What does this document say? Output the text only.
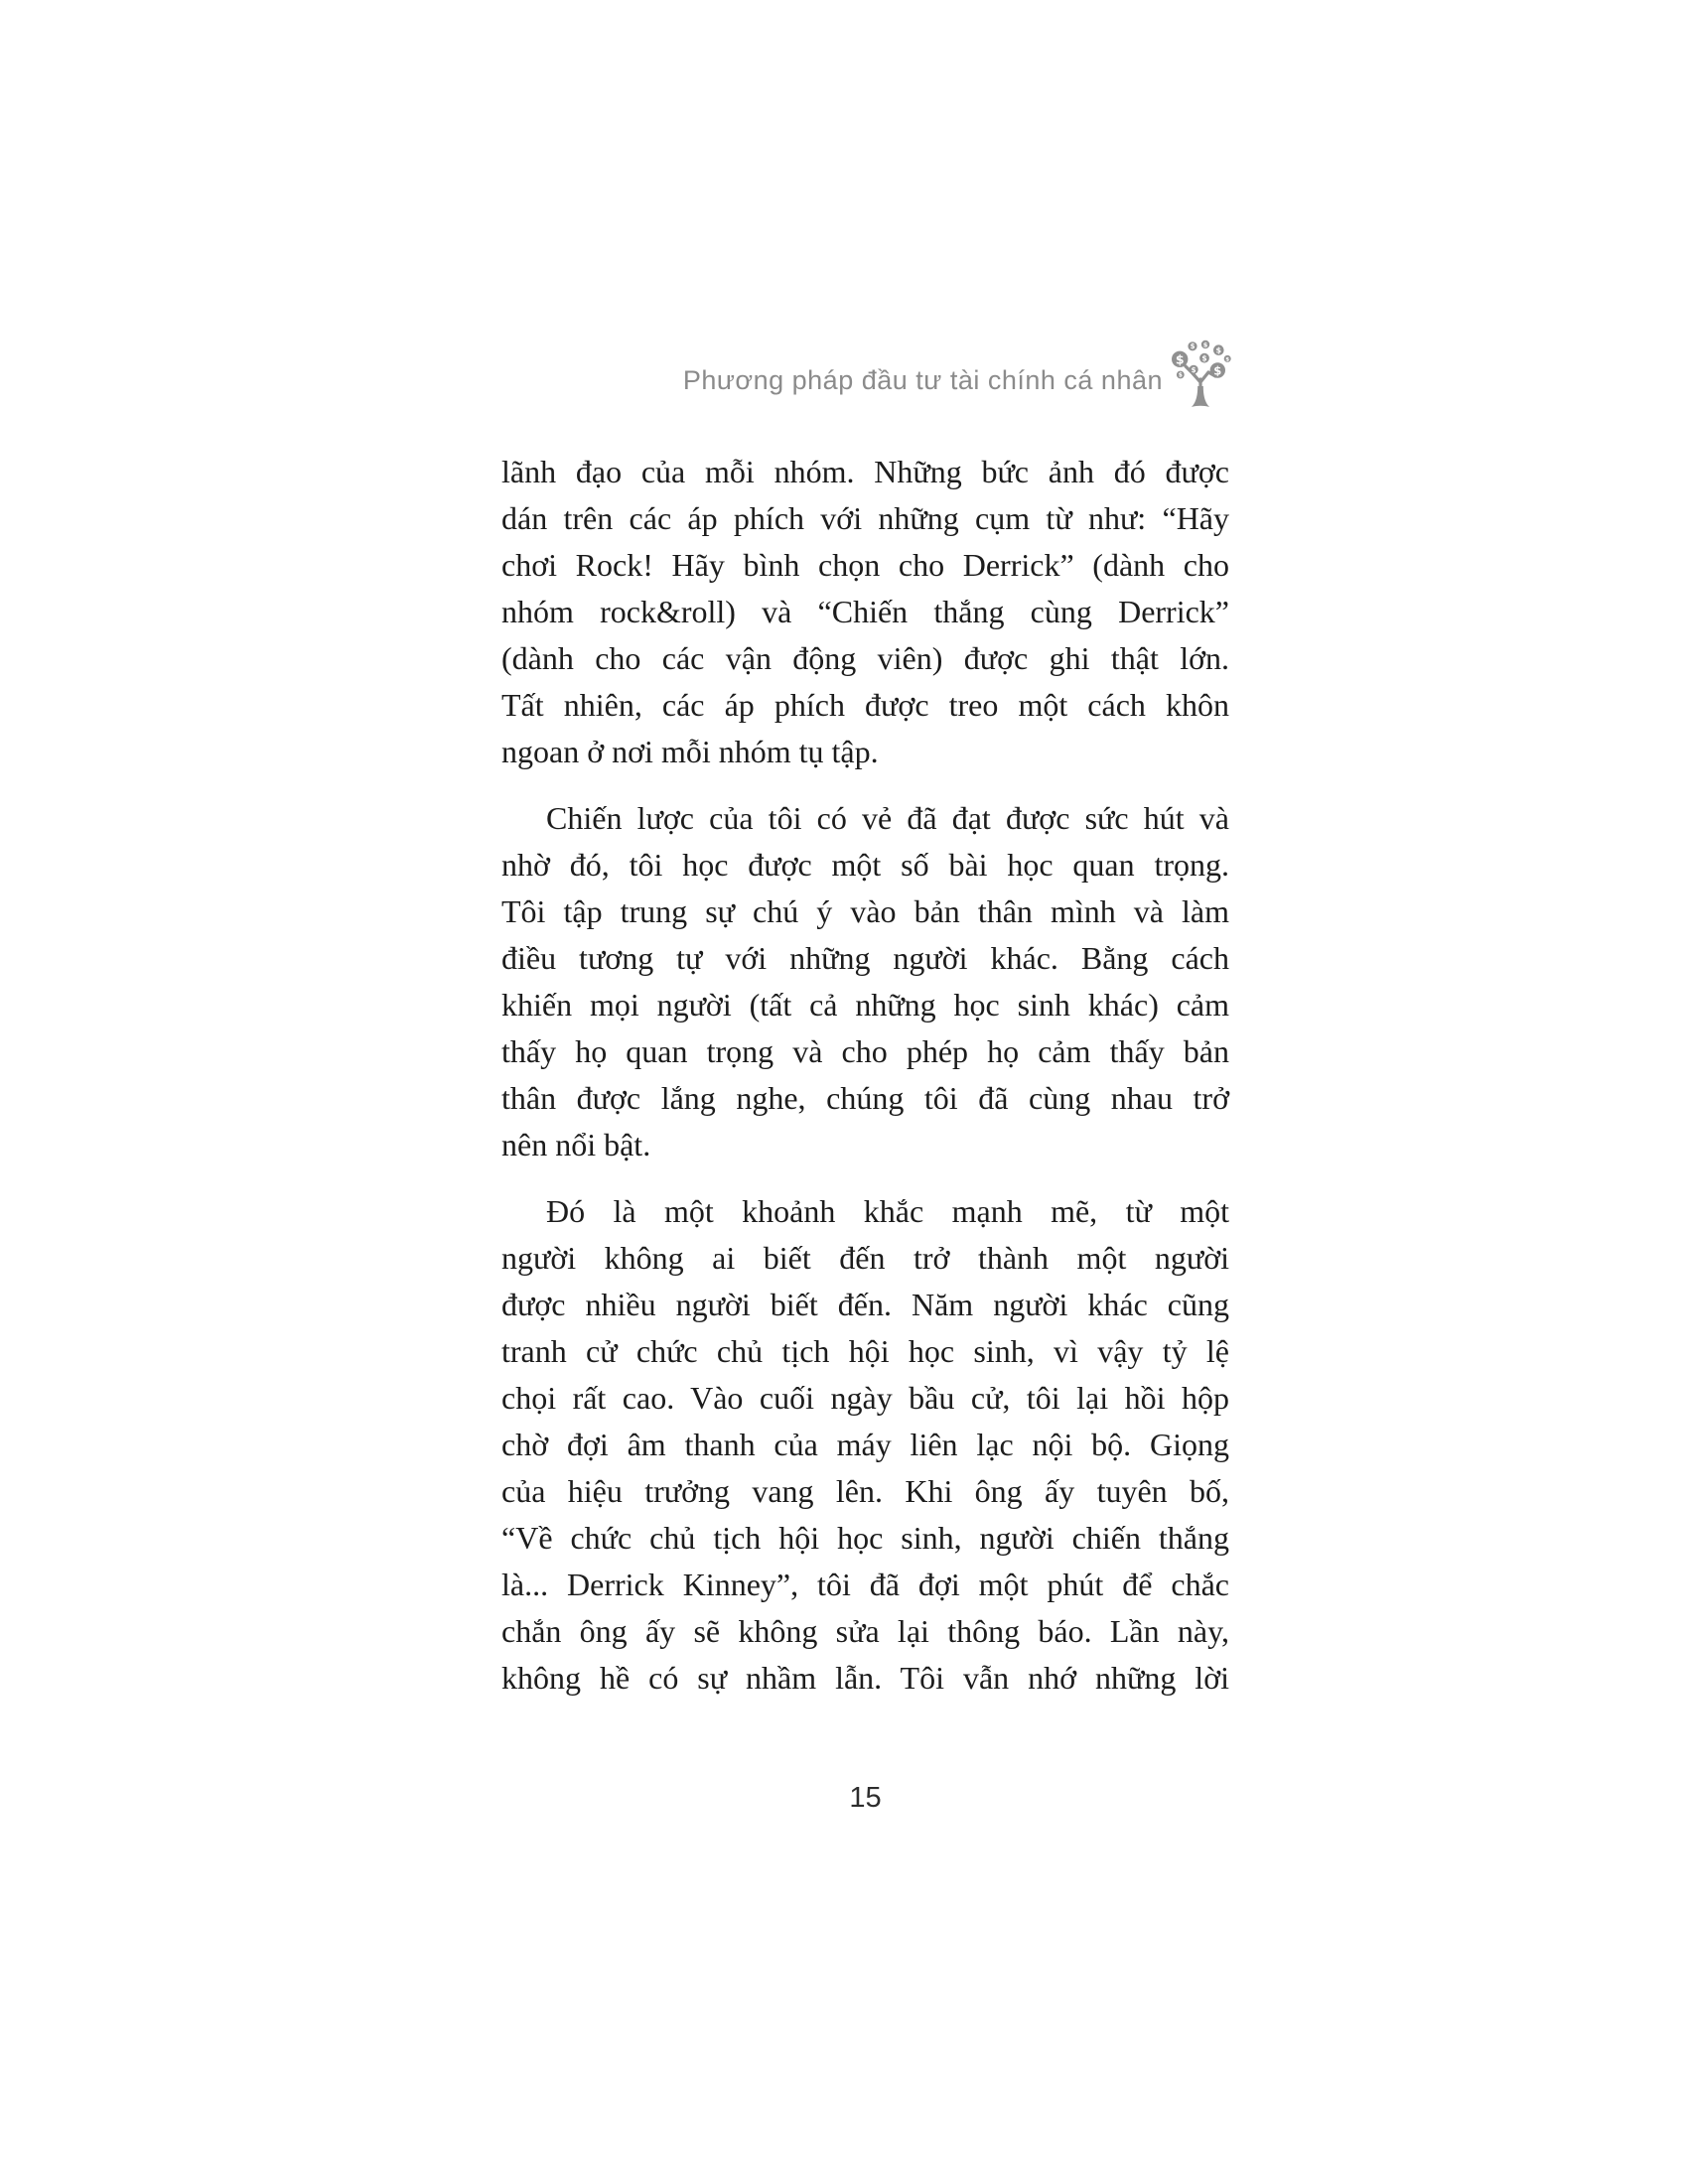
Phương pháp đầu tư tài chính cá nhân
$ $
$
$ $	$
$ $
$
lãnh đạo của mỗi nhóm. Những bức ảnh đó được
dán trên các áp phích với những cụm từ như: “Hãy
chơi Rock! Hãy bình chọn cho Derrick” (dành cho
nhóm rock&roll) và “Chiến thắng cùng Derrick”
(dành cho các vận động viên) được ghi thật lớn.
Tất nhiên, các áp phích được treo một cách khôn
ngoan ở nơi mỗi nhóm tụ tập.
Chiến lược của tôi có vẻ đã đạt được sức hút và
nhờ đó, tôi học được một số bài học quan trọng.
Tôi tập trung sự chú ý vào bản thân mình và làm
điều tương tự với những người khác. Bằng cách
khiến mọi người (tất cả những học sinh khác) cảm
thấy họ quan trọng và cho phép họ cảm thấy bản
thân được lắng nghe, chúng tôi đã cùng nhau trở
nên nổi bật.
Đó là một khoảnh khắc mạnh mẽ, từ một
người không ai biết đến trở thành một người
được nhiều người biết đến. Năm người khác cũng
tranh cử chức chủ tịch hội học sinh, vì vậy tỷ lệ
chọi rất cao. Vào cuối ngày bầu cử, tôi lại hồi hộp
chờ đợi âm thanh của máy liên lạc nội bộ. Giọng
của hiệu trưởng vang lên. Khi ông ấy tuyên bố,
“Về chức chủ tịch hội học sinh, người chiến thắng
là... Derrick Kinney”, tôi đã đợi một phút để chắc
chắn ông ấy sẽ không sửa lại thông báo. Lần này,
không hề có sự nhầm lẫn. Tôi vẫn nhớ những lời
15
